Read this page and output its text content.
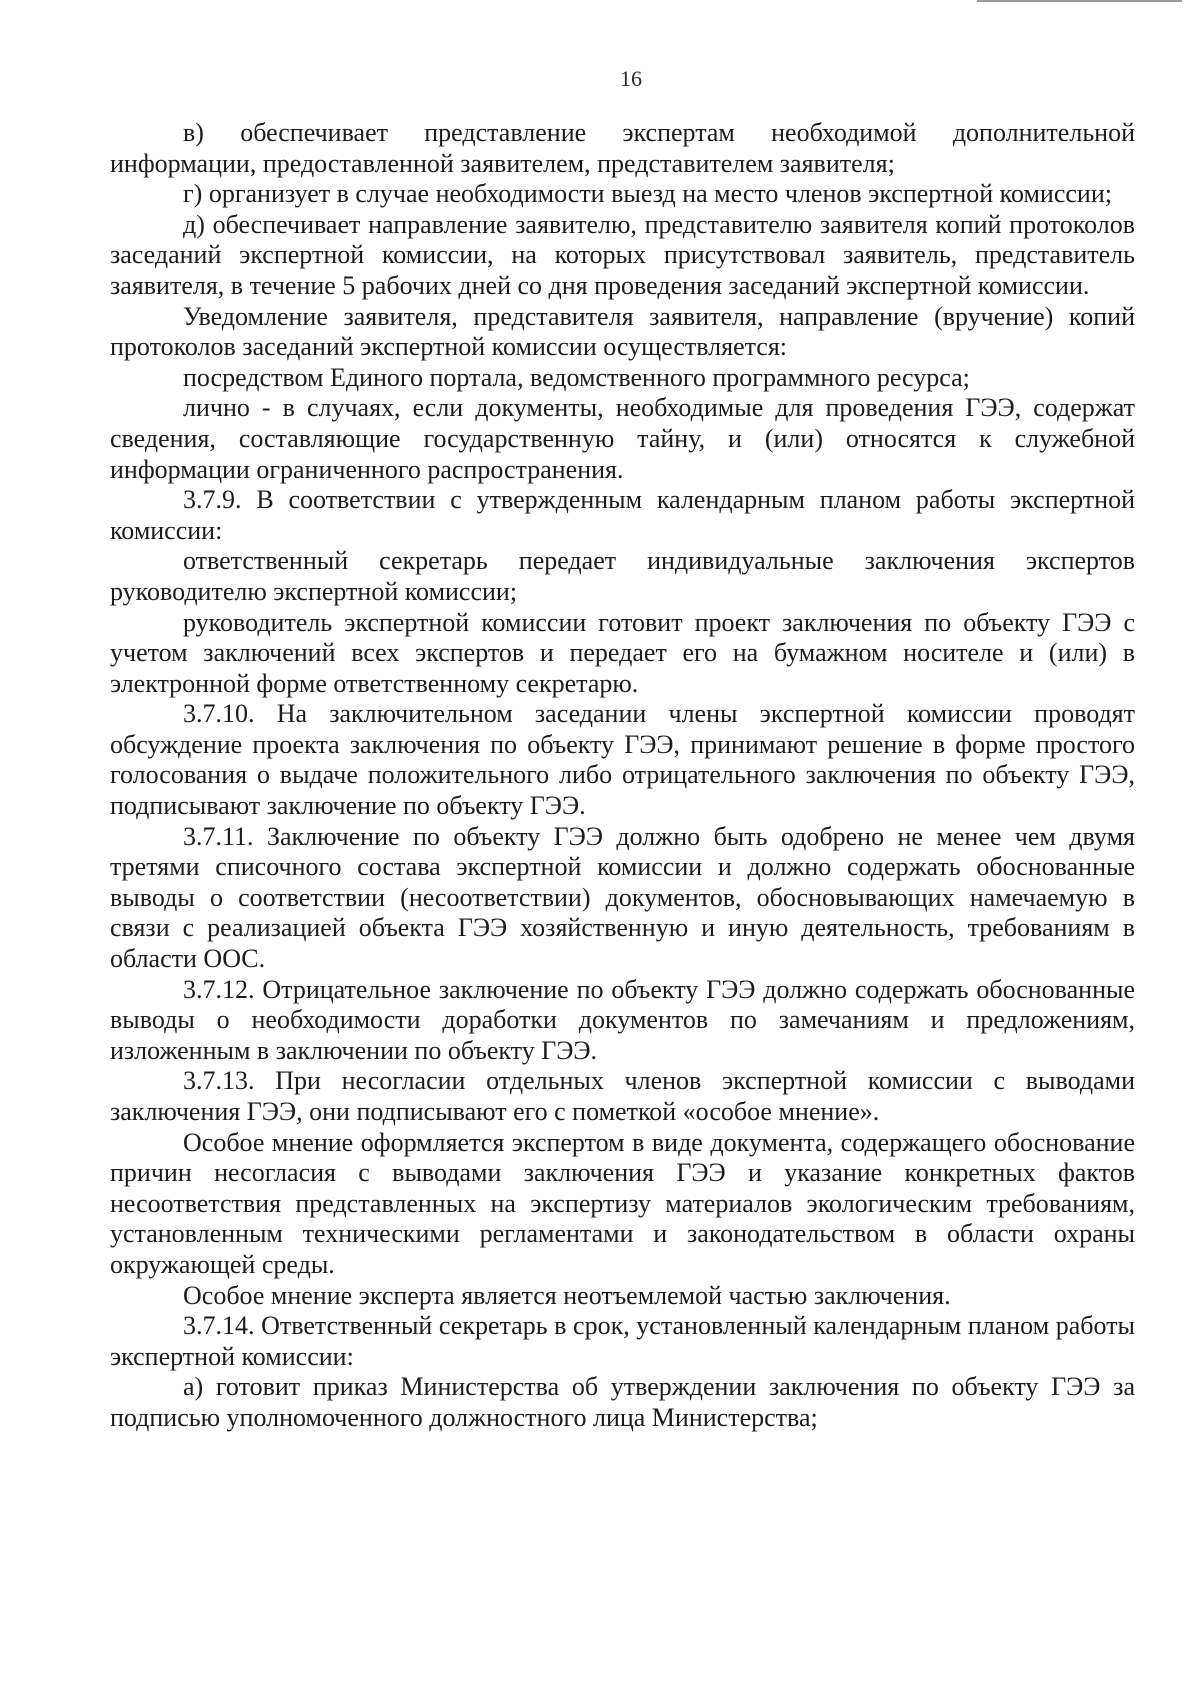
16

в) обеспечивает представление экспертам необходимой дополнительной информации, предоставленной заявителем, представителем заявителя;

г) организует в случае необходимости выезд на место членов экспертной комиссии;

д) обеспечивает направление заявителю, представителю заявителя копий протоколов заседаний экспертной комиссии, на которых присутствовал заявитель, представитель заявителя, в течение 5 рабочих дней со дня проведения заседаний экспертной комиссии.

Уведомление заявителя, представителя заявителя, направление (вручение) копий протоколов заседаний экспертной комиссии осуществляется:

посредством Единого портала, ведомственного программного ресурса;

лично - в случаях, если документы, необходимые для проведения ГЭЭ, содержат сведения, составляющие государственную тайну, и (или) относятся к служебной информации ограниченного распространения.

3.7.9. В соответствии с утвержденным календарным планом работы экспертной комиссии:

ответственный секретарь передает индивидуальные заключения экспертов руководителю экспертной комиссии;

руководитель экспертной комиссии готовит проект заключения по объекту ГЭЭ с учетом заключений всех экспертов и передает его на бумажном носителе и (или) в электронной форме ответственному секретарю.

3.7.10. На заключительном заседании члены экспертной комиссии проводят обсуждение проекта заключения по объекту ГЭЭ, принимают решение в форме простого голосования о выдаче положительного либо отрицательного заключения по объекту ГЭЭ, подписывают заключение по объекту ГЭЭ.

3.7.11. Заключение по объекту ГЭЭ должно быть одобрено не менее чем двумя третями списочного состава экспертной комиссии и должно содержать обоснованные выводы о соответствии (несоответствии) документов, обосновывающих намечаемую в связи с реализацией объекта ГЭЭ хозяйственную и иную деятельность, требованиям в области ООС.

3.7.12. Отрицательное заключение по объекту ГЭЭ должно содержать обоснованные выводы о необходимости доработки документов по замечаниям и предложениям, изложенным в заключении по объекту ГЭЭ.

3.7.13. При несогласии отдельных членов экспертной комиссии с выводами заключения ГЭЭ, они подписывают его с пометкой «особое мнение».

Особое мнение оформляется экспертом в виде документа, содержащего обоснование причин несогласия с выводами заключения ГЭЭ и указание конкретных фактов несоответствия представленных на экспертизу материалов экологическим требованиям, установленным техническими регламентами и законодательством в области охраны окружающей среды.

Особое мнение эксперта является неотъемлемой частью заключения.

3.7.14. Ответственный секретарь в срок, установленный календарным планом работы экспертной комиссии:

а) готовит приказ Министерства об утверждении заключения по объекту ГЭЭ за подписью уполномоченного должностного лица Министерства;
